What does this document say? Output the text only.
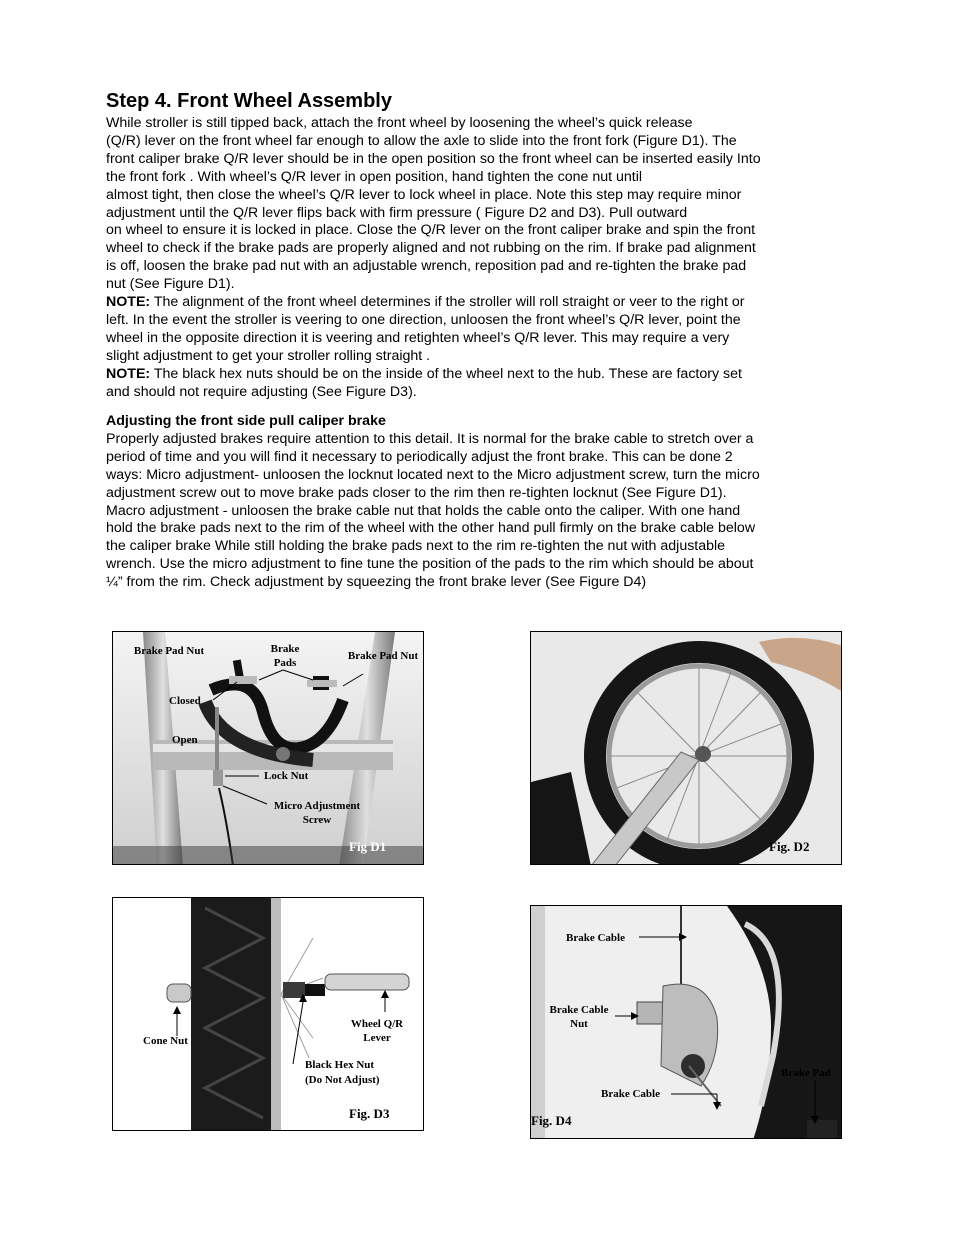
Step 4. Front Wheel Assembly
While stroller is still tipped back, attach the front wheel by loosening the wheel’s quick release
(Q/R) lever on the front wheel far enough to allow the axle to slide into the front fork (Figure D1). The
front caliper brake Q/R lever should be in the open position so the front wheel can be inserted easily Into
the front fork . With wheel’s Q/R lever in open position, hand tighten the cone nut until
almost tight, then close the wheel’s Q/R lever to lock wheel in place. Note this step may require minor
adjustment until the Q/R lever flips back with firm pressure ( Figure D2 and D3). Pull outward
on wheel to ensure it is locked in place. Close the Q/R lever on the front caliper brake and spin the front
wheel to check if the brake pads are properly aligned and not rubbing on the rim. If brake pad alignment
is off, loosen the brake pad nut with an adjustable wrench, reposition pad and re-tighten the brake pad
nut (See Figure D1).
NOTE: The alignment of the front wheel determines if the stroller will roll straight or veer to the right or
left. In the event the stroller is veering to one direction, unloosen the front wheel’s Q/R lever, point the
wheel in the opposite direction it is veering and retighten wheel’s Q/R lever. This may require a very
slight adjustment to get your stroller rolling straight .
NOTE: The black hex nuts should be on the inside of the wheel next to the hub. These are factory set
and should not require adjusting (See Figure D3).
Adjusting the front side pull caliper brake
Properly adjusted brakes require attention to this detail. It is normal for the brake cable to stretch over a
period of time and you will find it necessary to periodically adjust the front brake. This can be done 2
ways: Micro adjustment- unloosen the locknut located next to the Micro adjustment screw, turn the micro
adjustment screw out to move brake pads closer to the rim then re-tighten locknut (See Figure D1).
Macro adjustment - unloosen the brake cable nut that holds the cable onto the caliper. With one hand
hold the brake pads next to the rim of the wheel with the other hand pull firmly on the brake cable below
the caliper brake While still holding the brake pads next to the rim re-tighten the nut with adjustable
wrench. Use the micro adjustment to fine tune the position of the pads to the rim which should be about
¼” from the rim. Check adjustment by squeezing the front brake lever (See Figure D4)
Brake Pad Nut	Brake Pads
Brake Pad Nut
Closed
Open
Lock Nut
Micro Adjustment Screw
Fig D1	Fig. D2
Cone Nut
Wheel Q/R Lever
Black Hex Nut
(Do Not Adjust)
Fig. D3
Brake Cable
Brake Cable Nut
Brake Cable
Brake Pad
Fig. D4
